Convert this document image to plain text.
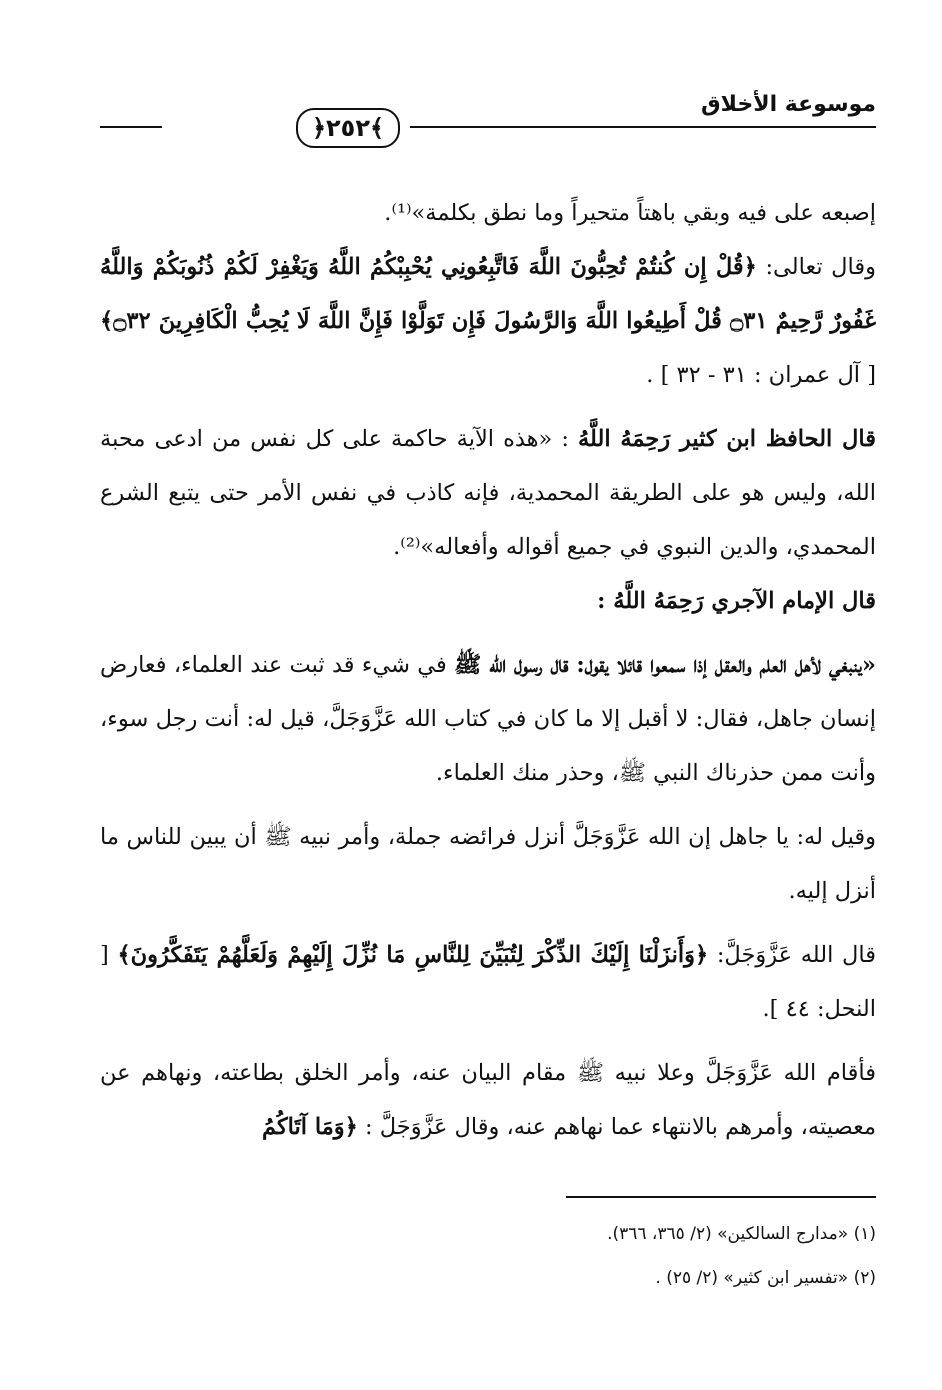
موسوعة الأخلاق
﴿٢٥٢﴾

إصبعه على فيه وبقي باهتاً متحيراً وما نطق بكلمة»⁽¹⁾.

وقال تعالى: ﴿قُلْ إِن كُنتُمْ تُحِبُّونَ اللَّهَ فَاتَّبِعُونِي يُحْبِبْكُمُ اللَّهُ وَيَغْفِرْ لَكُمْ ذُنُوبَكُمْ وَاللَّهُ غَفُورٌ رَّحِيمٌ ۝٣١ قُلْ أَطِيعُوا اللَّهَ وَالرَّسُولَ فَإِن تَوَلَّوْا فَإِنَّ اللَّهَ لَا يُحِبُّ الْكَافِرِينَ ۝٣٢﴾ [ آل عمران : ٣١ - ٣٢ ] .

قال الحافظ ابن كثير رَحِمَهُ اللَّهُ : «هذه الآية حاكمة على كل نفس من ادعى محبة الله، وليس هو على الطريقة المحمدية، فإنه كاذب في نفس الأمر حتى يتبع الشرع المحمدي، والدين النبوي في جميع أقواله وأفعاله»⁽²⁾.

قال الإمام الآجري رَحِمَهُ اللَّهُ :

«ينبغي لأهل العلم والعقل إذا سمعوا قائلا يقول: قال رسول الله ﷺ في شيء قد ثبت عند العلماء، فعارض إنسان جاهل، فقال: لا أقبل إلا ما كان في كتاب الله عَزَّوَجَلَّ، قيل له: أنت رجل سوء، وأنت ممن حذرناك النبي ﷺ، وحذر منك العلماء.

وقيل له: يا جاهل إن الله عَزَّوَجَلَّ أنزل فرائضه جملة، وأمر نبيه ﷺ أن يبين للناس ما أنزل إليه.

قال الله عَزَّوَجَلَّ: ﴿وَأَنزَلْنَا إِلَيْكَ الذِّكْرَ لِتُبَيِّنَ لِلنَّاسِ مَا نُزِّلَ إِلَيْهِمْ وَلَعَلَّهُمْ يَتَفَكَّرُونَ﴾ [ النحل: ٤٤ ].

فأقام الله عَزَّوَجَلَّ وعلا نبيه ﷺ مقام البيان عنه، وأمر الخلق بطاعته، ونهاهم عن معصيته، وأمرهم بالانتهاء عما نهاهم عنه، وقال عَزَّوَجَلَّ : ﴿وَمَا آتَاكُمُ

(١) «مدارج السالكين» (٢/ ٣٦٥، ٣٦٦).

(٢) «تفسير ابن كثير» (٢/ ٢٥) .
